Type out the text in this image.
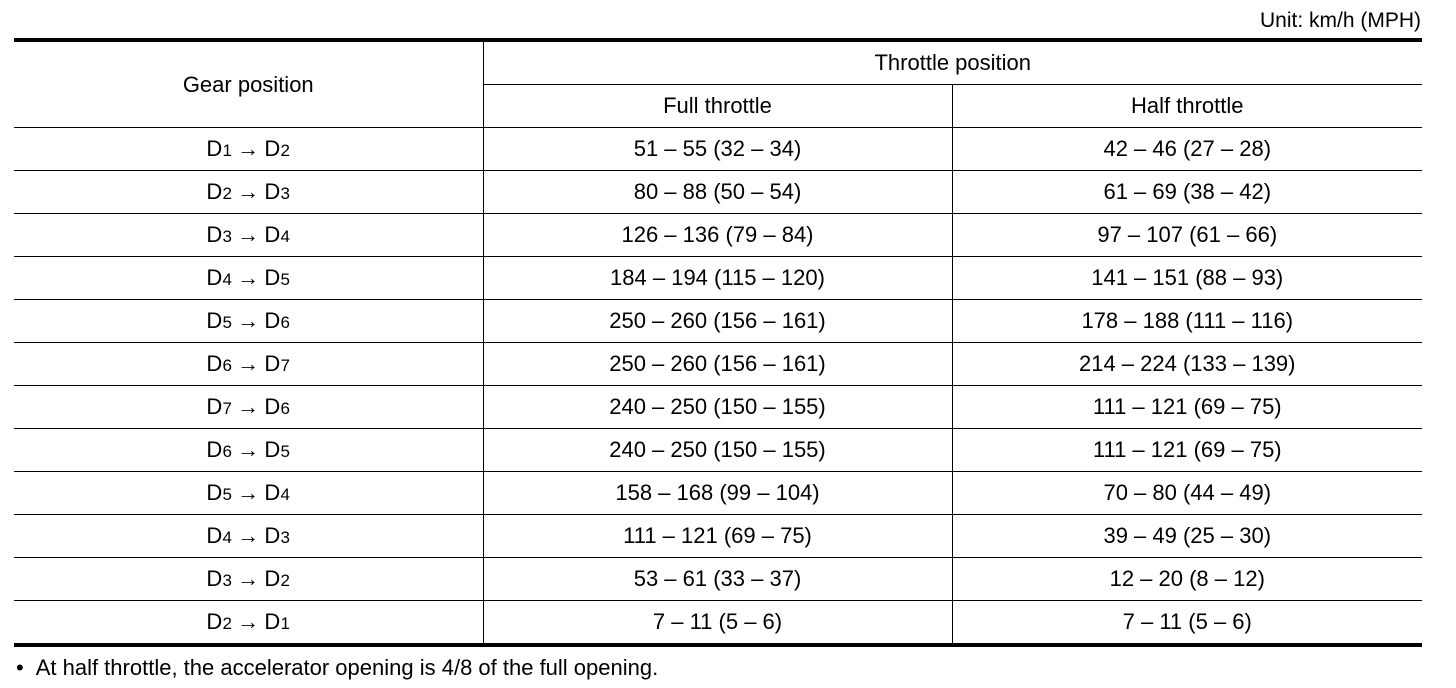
Unit: km/h (MPH)
Gear position	Throttle position	
	Full throttle	Half throttle
D1 → D2	51 – 55 (32 – 34)	42 – 46 (27 – 28)
D2 → D3	80 – 88 (50 – 54)	61 – 69 (38 – 42)
D3 → D4	126 – 136 (79 – 84)	97 – 107 (61 – 66)
D4 → D5	184 – 194 (115 – 120)	141 – 151 (88 – 93)
D5 → D6	250 – 260 (156 – 161)	178 – 188 (111 – 116)
D6 → D7	250 – 260 (156 – 161)	214 – 224 (133 – 139)
D7 → D6	240 – 250 (150 – 155)	111 – 121 (69 – 75)
D6 → D5	240 – 250 (150 – 155)	111 – 121 (69 – 75)
D5 → D4	158 – 168 (99 – 104)	70 – 80 (44 – 49)
D4 → D3	111 – 121 (69 – 75)	39 – 49 (25 – 30)
D3 → D2	53 – 61 (33 – 37)	12 – 20 (8 – 12)
D2 → D1	7 – 11 (5 – 6)	7 – 11 (5 – 6)
• At half throttle, the accelerator opening is 4/8 of the full opening.
